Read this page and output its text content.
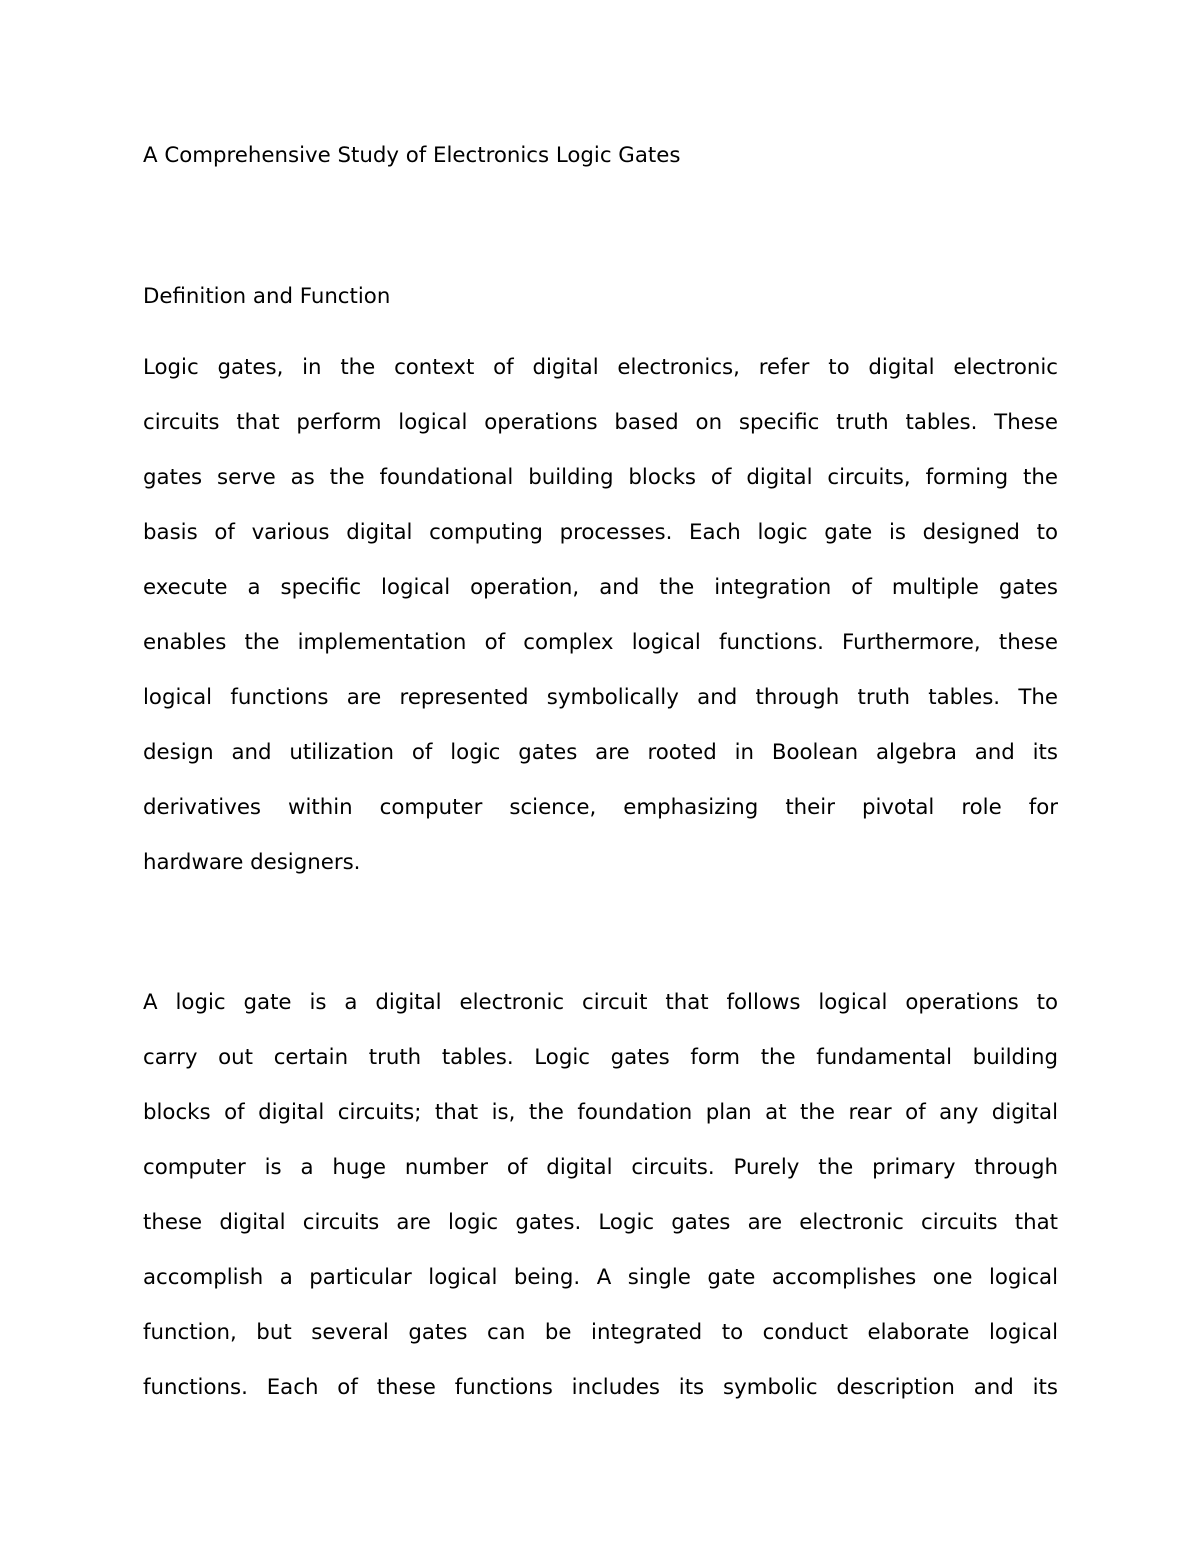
A Comprehensive Study of Electronics Logic Gates

Definition and Function

Logic gates, in the context of digital electronics, refer to digital electronic

circuits that perform logical operations based on specific truth tables. These

gates serve as the foundational building blocks of digital circuits, forming the

basis of various digital computing processes. Each logic gate is designed to

execute a specific logical operation, and the integration of multiple gates

enables the implementation of complex logical functions. Furthermore, these

logical functions are represented symbolically and through truth tables. The

design and utilization of logic gates are rooted in Boolean algebra and its

derivatives within computer science, emphasizing their pivotal role for

hardware designers.

A logic gate is a digital electronic circuit that follows logical operations to

carry out certain truth tables. Logic gates form the fundamental building

blocks of digital circuits; that is, the foundation plan at the rear of any digital

computer is a huge number of digital circuits. Purely the primary through

these digital circuits are logic gates. Logic gates are electronic circuits that

accomplish a particular logical being. A single gate accomplishes one logical

function, but several gates can be integrated to conduct elaborate logical

functions. Each of these functions includes its symbolic description and its
